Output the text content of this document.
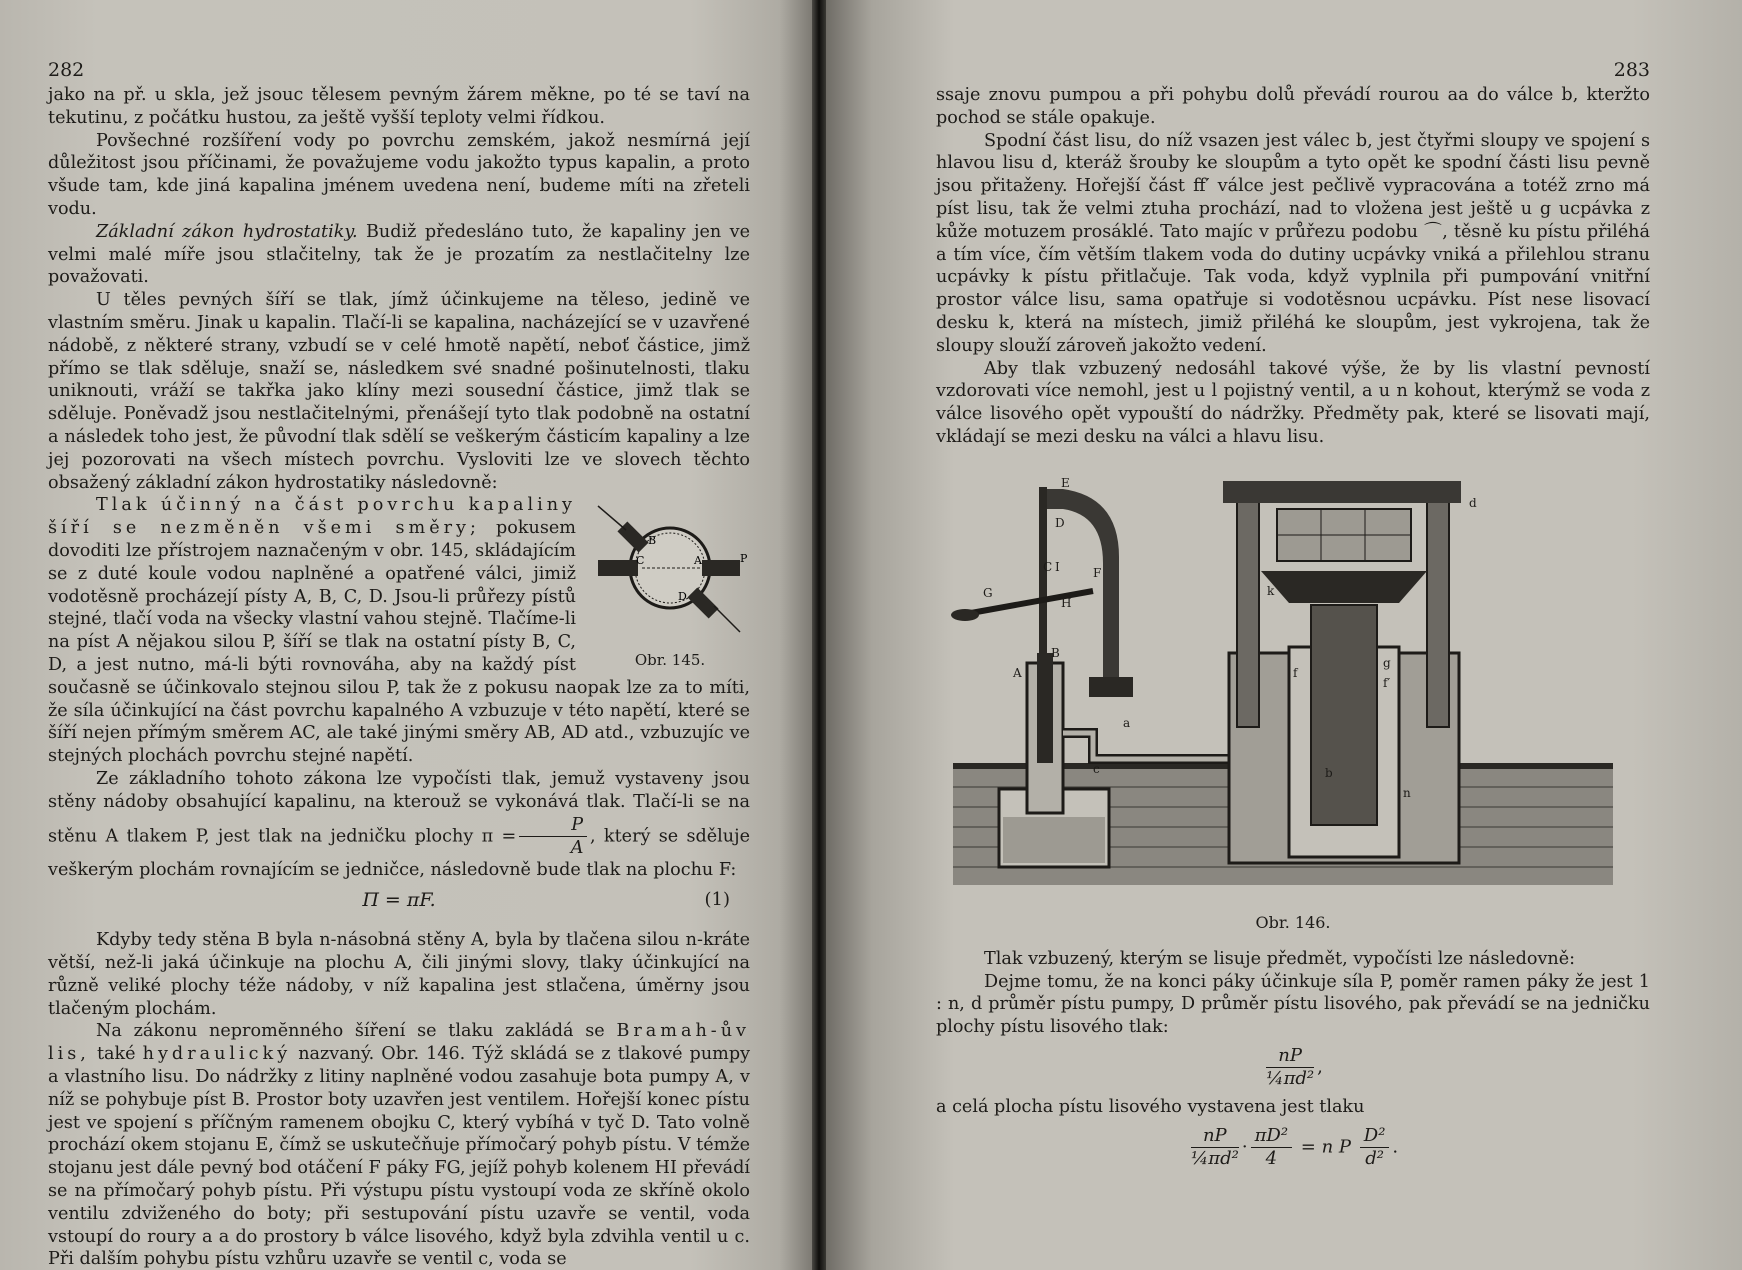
282

jako na př. u skla, jež jsouc tělesem pevným žárem měkne, po té se taví na tekutinu, z počátku hustou, za ještě vyšší teploty velmi řídkou.

Povšechné rozšíření vody po povrchu zemském, jakož nesmírná její důležitost jsou příčinami, že považujeme vodu jakožto typus kapalin, a proto všude tam, kde jiná kapalina jménem uvedena není, budeme míti na zřeteli vodu.

Základní zákon hydrostatiky. Budiž předesláno tuto, že kapaliny jen ve velmi malé míře jsou stlačitelny, tak že je prozatím za nestlačitelny lze považovati.

U těles pevných šíří se tlak, jímž účinkujeme na těleso, jedině ve vlastním směru. Jinak u kapalin. Tlačí-li se kapalina, nacházející se v uzavřené nádobě, z některé strany, vzbudí se v celé hmotě napětí, neboť částice, jimž přímo se tlak sděluje, snaží se, následkem své snadné pošinutelnosti, tlaku uniknouti, vráží se takřka jako klíny mezi sousední částice, jimž tlak se sděluje. Poněvadž jsou nestlačitelnými, přenášejí tyto tlak podobně na ostatní a následek toho jest, že původní tlak sdělí se veškerým částicím kapaliny a lze jej pozorovati na všech místech povrchu. Vysloviti lze ve slovech těchto obsažený základní zákon hydrostatiky následovně:

B
C	A	P
D
Obr. 145.

Tlak účinný na část povrchu kapaliny šíří se nezměněn všemi směry; pokusem dovoditi lze přístrojem naznačeným v obr. 145, skládajícím se z duté koule vodou naplněné a opatřené válci, jimiž vodotěsně procházejí písty A, B, C, D. Jsou-li průřezy pístů stejné, tlačí voda na všecky vlastní vahou stejně. Tlačíme-li na píst A nějakou silou P, šíří se tlak na ostatní písty B, C, D, a jest nutno, má-li býti rovnováha, aby na každý píst současně se účinkovalo stejnou silou P, tak že z pokusu naopak lze za to míti, že síla účinkující na část povrchu kapalného A vzbuzuje v této napětí, které se šíří nejen přímým směrem AC, ale také jinými směry AB, AD atd., vzbuzujíc ve stejných plochách povrchu stejné napětí.

Ze základního tohoto zákona lze vypočísti tlak, jemuž vystaveny jsou stěny nádoby obsahující kapalinu, na kterouž se vykonává tlak. Tlačí-li se na stěnu A tlakem P, jest tlak na jedničku plochy $\pi = \frac{P}{A}$ , který se sděluje veškerým plochám rovnajícím se jedničce, následovně bude tlak na plochu F:

Π = πF.	(1)

Kdyby tedy stěna B byla n-násobná stěny A, byla by tlačena silou n-kráte větší, než-li jaká účinkuje na plochu A, čili jinými slovy, tlaky účinkující na různě veliké plochy téže nádoby, v níž kapalina jest stlačena, úměrny jsou tlačeným plochám.

Na zákonu nepromĕnného šíření se tlaku zakládá se Bramah-ův lis, také hydraulický nazvaný. Obr. 146. Týž skládá se z tlakové pumpy a vlastního lisu. Do nádržky z litiny naplněné vodou zasahuje bota pumpy A, v níž se pohybuje píst B. Prostor boty uzavřen jest ventilem. Hořejší konec pístu jest ve spojení s příčným ramenem obojku C, který vybíhá v tyč D. Tato volně prochází okem stojanu E, čímž se uskutečňuje přímočarý pohyb pístu. V témže stojanu jest dále pevný bod otáčení F páky FG, jejíž pohyb kolenem HI převádí se na přímočarý pohyb pístu. Při výstupu pístu vystoupí voda ze skříně okolo ventilu zdviženého do boty; při sestupování pístu uzavře se ventil, voda vstoupí do roury a a do prostory b válce lisového, když byla zdvihla ventil u c. Při dalším pohybu pístu vzhůru uzavře se ventil c, voda se

283

ssaje znovu pumpou a při pohybu dolů převádí rourou aa do válce b, kteržto pochod se stále opakuje.

Spodní část lisu, do níž vsazen jest válec b, jest čtyřmi sloupy ve spojení s hlavou lisu d, kteráž šrouby ke sloupům a tyto opět ke spodní části lisu pevně jsou přitaženy. Hořejší část ff′ válce jest pečlivě vypracována a totéž zrno má píst lisu, tak že velmi ztuha prochází, nad to vložena jest ještě u g ucpávka z kůže motuzem prosáklé. Tato majíc v průřezu podobu ⌒, těsně ku pístu přiléhá a tím více, čím větším tlakem voda do dutiny ucpávky vniká a přilehlou stranu ucpávky k pístu přitlačuje. Tak voda, když vyplnila při pumpování vnitřní prostor válce lisu, sama opatřuje si vodotěsnou ucpávku. Píst nese lisovací desku k, která na místech, jimiž přiléhá ke sloupům, jest vykrojena, tak že sloupy slouží zároveň jakožto vedení.

Aby tlak vzbuzený nedosáhl takové výše, že by lis vlastní pevností vzdorovati více nemohl, jest u l pojistný ventil, a u n kohout, kterýmž se voda z válce lisového opět vypouští do nádržky. Předměty pak, které se lisovati mají, vkládají se mezi desku na válci a hlavu lisu.

E
D
C I	F
G
H
B
A
a
c
d
k
f
g
f′
b
n
Obr. 146.

Tlak vzbuzený, kterým se lisuje předmět, vypočísti lze následovně:

Dejme tomu, že na konci páky účinkuje síla P, poměr ramen páky že jest 1 : n, d průměr pístu pumpy, D průměr pístu lisového, pak převádí se na jedničku plochy pístu lisového tlak:

$\frac{nP}{\text{¼πd²}}$ ,

a celá plocha pístu lisového vystavena jest tlaku

$\frac{nP}{\text{¼πd²}} \cdot \frac{\text{πD²}}{4} = n$ P $\frac{\text{D²}}{\text{d²}}$ .
